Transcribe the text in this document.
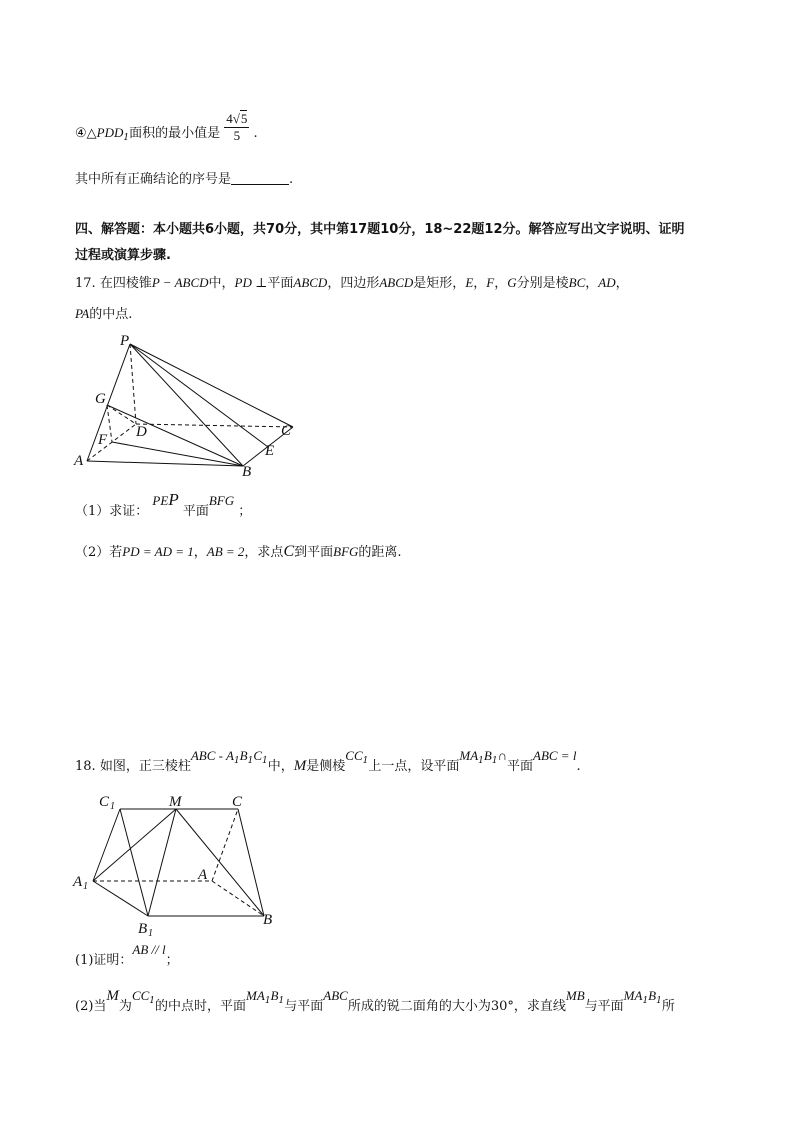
$④\triangle PDD_1$面积的最小值是 $\frac{4√5}{5}$ .
其中所有正确结论的序号是	.
四、解答题：本小题共6小题，共70分，其中第17题10分，18~22题12分。解答应写出文字说明、证明
过程或演算步骤.
17. 在四棱锥P − ABCD中，PD ⊥平面ABCD，四边形ABCD是矩形，E，F，G分别是棱BC，AD，
PA的中点.
P
G
D
F
A
C
E
B
（1）求证： PEP 平面BFG ；
（2）若PD = AD = 1，AB = 2，求点C到平面BFG的距离.
18. 如图，正三棱柱ABC - $A^1B^1C^1$中，M是侧棱$CC^1$上一点，设平面$MA^1B^1\cap$平面ABC = l.
C 1	M	C
A 1
A
B 1
B
(1)证明：AB // l；
(2)当M为$CC^1$的中点时，平面$MA^1B^1$与平面ABC所成的锐二面角的大小为30°，求直线MB与平面$MA^1B^1$所
